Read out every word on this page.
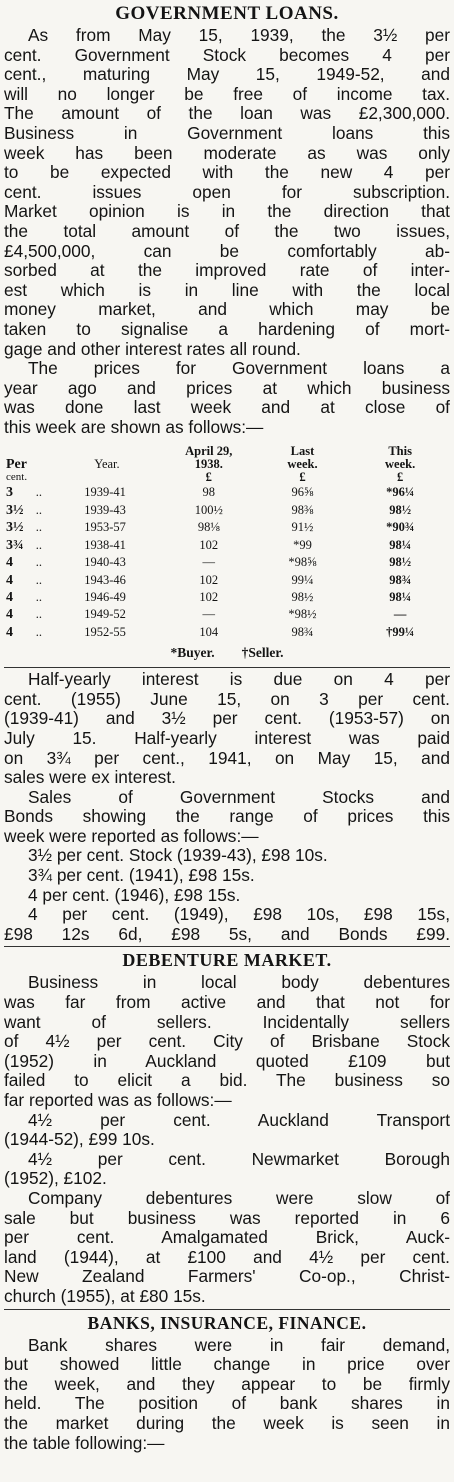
GOVERNMENT LOANS.
As from May 15, 1939, the 3½ per
cent. Government Stock becomes 4 per
cent., maturing May 15, 1949-52, and
will no longer be free of income tax.
The amount of the loan was £2,300,000.
Business in Government loans this
week has been moderate as was only
to be expected with the new 4 per
cent. issues open for subscription.
Market opinion is in the direction that
the total amount of the two issues,
£4,500,000, can be comfortably ab-
sorbed at the improved rate of inter-
est which is in line with the local
money market, and which may be
taken to signalise a hardening of mort-
gage and other interest rates all round.
The prices for Government loans a
year ago and prices at which business
was done last week and at close of
this week are shown as follows:—
			April 29,	Last	This
Per		Year.	1938.	week.	week.
cent.			£	£	£
3	..	1939-41	98	96⅝	*96¼
3½	..	1939-43	100½	98⅜	98½
3½	..	1953-57	98⅛	91½	*90¾
3¾	..	1938-41	102	*99	98¼
4	..	1940-43	—	*98⅝	98½
4	..	1943-46	102	99¼	98¾
4	..	1946-49	102	98½	98¼
4	..	1949-52	—	*98½	—
4	..	1952-55	104	98¾	†99¼
*Buyer. †Seller.
Half-yearly interest is due on 4 per
cent. (1955) June 15, on 3 per cent.
(1939-41) and 3½ per cent. (1953-57) on
July 15. Half-yearly interest was paid
on 3¾ per cent., 1941, on May 15, and
sales were ex interest.
Sales of Government Stocks and
Bonds showing the range of prices this
week were reported as follows:—
3½ per cent. Stock (1939-43), £98 10s.
3¾ per cent. (1941), £98 15s.
4 per cent. (1946), £98 15s.
4 per cent. (1949), £98 10s, £98 15s,
£98 12s 6d, £98 5s, and Bonds £99.
DEBENTURE MARKET.
Business in local body debentures
was far from active and that not for
want of sellers. Incidentally sellers
of 4½ per cent. City of Brisbane Stock
(1952) in Auckland quoted £109 but
failed to elicit a bid. The business so
far reported was as follows:—
4½ per cent. Auckland Transport
(1944-52), £99 10s.
4½ per cent. Newmarket Borough
(1952), £102.
Company debentures were slow of
sale but business was reported in 6
per cent. Amalgamated Brick, Auck-
land (1944), at £100 and 4½ per cent.
New Zealand Farmers' Co-op., Christ-
church (1955), at £80 15s.
BANKS, INSURANCE, FINANCE.
Bank shares were in fair demand,
but showed little change in price over
the week, and they appear to be firmly
held. The position of bank shares in
the market during the week is seen in
the table following:—
